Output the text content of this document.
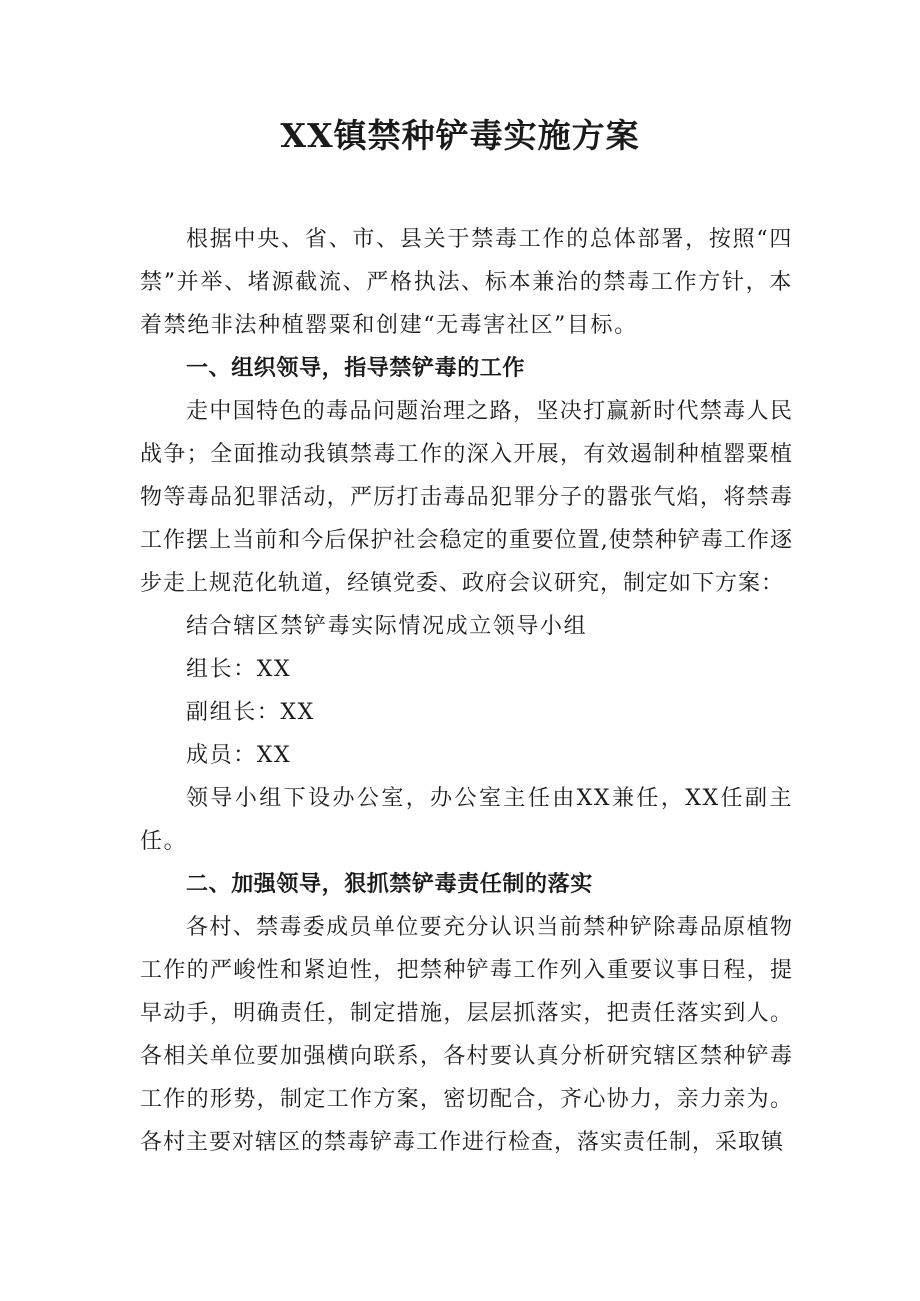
XX镇禁种铲毒实施方案

根据中央、省、市、县关于禁毒工作的总体部署，按照“四禁”并举、堵源截流、严格执法、标本兼治的禁毒工作方针，本着禁绝非法种植罂粟和创建“无毒害社区”目标。

一、组织领导，指导禁铲毒的工作

走中国特色的毒品问题治理之路，坚决打赢新时代禁毒人民战争；全面推动我镇禁毒工作的深入开展，有效遏制种植罂粟植物等毒品犯罪活动，严厉打击毒品犯罪分子的嚣张气焰，将禁毒工作摆上当前和今后保护社会稳定的重要位置,使禁种铲毒工作逐步走上规范化轨道，经镇党委、政府会议研究，制定如下方案：

结合辖区禁铲毒实际情况成立领导小组

组长：XX

副组长：XX

成员：XX

领导小组下设办公室，办公室主任由XX兼任，XX任副主任。

二、加强领导，狠抓禁铲毒责任制的落实

各村、禁毒委成员单位要充分认识当前禁种铲除毒品原植物工作的严峻性和紧迫性，把禁种铲毒工作列入重要议事日程，提早动手，明确责任，制定措施，层层抓落实，把责任落实到人。各相关单位要加强横向联系，各村要认真分析研究辖区禁种铲毒工作的形势，制定工作方案，密切配合，齐心协力，亲力亲为。各村主要对辖区的禁毒铲毒工作进行检查，落实责任制，采取镇
